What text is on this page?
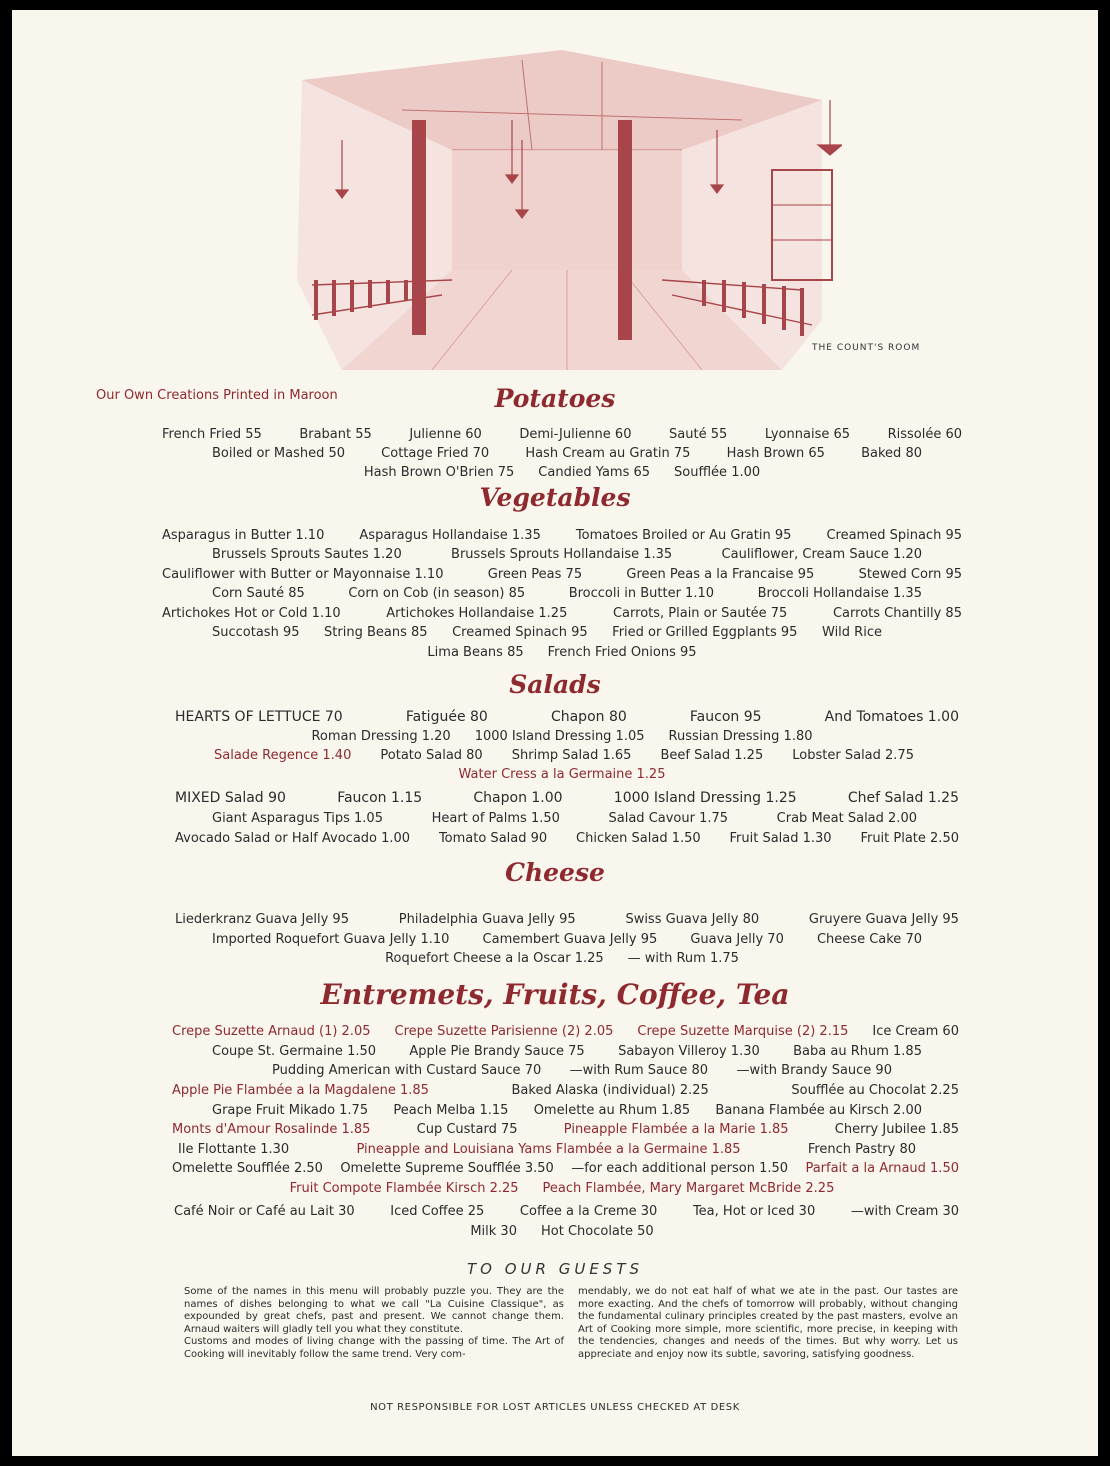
THE COUNT'S ROOM
Our Own Creations Printed in Maroon	Potatoes
French Fried 55	Brabant 55	Julienne 60	Demi-Julienne 60	Sauté 55	Lyonnaise 65	Rissolée 60
Boiled or Mashed 50	Cottage Fried 70	Hash Cream au Gratin 75	Hash Brown 65	Baked 80
Hash Brown O'Brien 75 Candied Yams 65 Soufflée 1.00
Vegetables
Asparagus in Butter 1.10	Asparagus Hollandaise 1.35	Tomatoes Broiled or Au Gratin 95	Creamed Spinach 95
Brussels Sprouts Sautes 1.20	Brussels Sprouts Hollandaise 1.35	Cauliflower, Cream Sauce 1.20
Cauliflower with Butter or Mayonnaise 1.10	Green Peas 75	Green Peas a la Francaise 95	Stewed Corn 95
Corn Sauté 85	Corn on Cob (in season) 85	Broccoli in Butter 1.10	Broccoli Hollandaise 1.35
Artichokes Hot or Cold 1.10	Artichokes Hollandaise 1.25	Carrots, Plain or Sautée 75	Carrots Chantilly 85
Succotash 95 String Beans 85 Creamed Spinach 95 Fried or Grilled Eggplants 95 Wild Rice
Lima Beans 85 French Fried Onions 95
Salads
HEARTS OF LETTUCE 70	Fatiguée 80	Chapon 80	Faucon 95	And Tomatoes 1.00
Roman Dressing 1.20 1000 Island Dressing 1.05 Russian Dressing 1.80
Salade Regence 1.40 Potato Salad 80 Shrimp Salad 1.65 Beef Salad 1.25 Lobster Salad 2.75
Water Cress a la Germaine 1.25
MIXED Salad 90	Faucon 1.15	Chapon 1.00	1000 Island Dressing 1.25	Chef Salad 1.25
Giant Asparagus Tips 1.05	Heart of Palms 1.50	Salad Cavour 1.75	Crab Meat Salad 2.00
Avocado Salad or Half Avocado 1.00 Tomato Salad 90 Chicken Salad 1.50 Fruit Salad 1.30 Fruit Plate 2.50
Cheese
Liederkranz Guava Jelly 95	Philadelphia Guava Jelly 95	Swiss Guava Jelly 80	Gruyere Guava Jelly 95
Imported Roquefort Guava Jelly 1.10	Camembert Guava Jelly 95	Guava Jelly 70	Cheese Cake 70
Roquefort Cheese a la Oscar 1.25 — with Rum 1.75
Entremets, Fruits, Coffee, Tea
Crepe Suzette Arnaud (1) 2.05 Crepe Suzette Parisienne (2) 2.05 Crepe Suzette Marquise (2) 2.15 Ice Cream 60
Coupe St. Germaine 1.50	Apple Pie Brandy Sauce 75	Sabayon Villeroy 1.30	Baba au Rhum 1.85
Pudding American with Custard Sauce 70 —with Rum Sauce 80 —with Brandy Sauce 90
Apple Pie Flambée a la Magdalene 1.85	Baked Alaska (individual) 2.25	Soufflée au Chocolat 2.25
Grape Fruit Mikado 1.75 Peach Melba 1.15 Omelette au Rhum 1.85 Banana Flambée au Kirsch 2.00
Monts d'Amour Rosalinde 1.85	Cup Custard 75	Pineapple Flambée a la Marie 1.85	Cherry Jubilee 1.85
Ile Flottante 1.30	Pineapple and Louisiana Yams Flambée a la Germaine 1.85	French Pastry 80
Omelette Soufflée 2.50 Omelette Supreme Soufflée 3.50 —for each additional person 1.50 Parfait a la Arnaud 1.50
Fruit Compote Flambée Kirsch 2.25 Peach Flambée, Mary Margaret McBride 2.25
Café Noir or Café au Lait 30	Iced Coffee 25	Coffee a la Creme 30	Tea, Hot or Iced 30	—with Cream 30
Milk 30 Hot Chocolate 50
TO OUR GUESTS

Some of the names in this menu will probably puzzle you. They are the names of dishes belonging to what we call "La Cuisine Classique", as expounded by great chefs, past and present. We cannot change them. Arnaud waiters will gladly tell you what they constitute.

Customs and modes of living change with the passing of time. The Art of Cooking will inevitably follow the same trend. Very com-

mendably, we do not eat half of what we ate in the past. Our tastes are more exacting. And the chefs of tomorrow will probably, without changing the fundamental culinary principles created by the past masters, evolve an Art of Cooking more simple, more scientific, more precise, in keeping with the tendencies, changes and needs of the times. But why worry. Let us appreciate and enjoy now its subtle, savoring, satisfying goodness.

NOT RESPONSIBLE FOR LOST ARTICLES UNLESS CHECKED AT DESK
